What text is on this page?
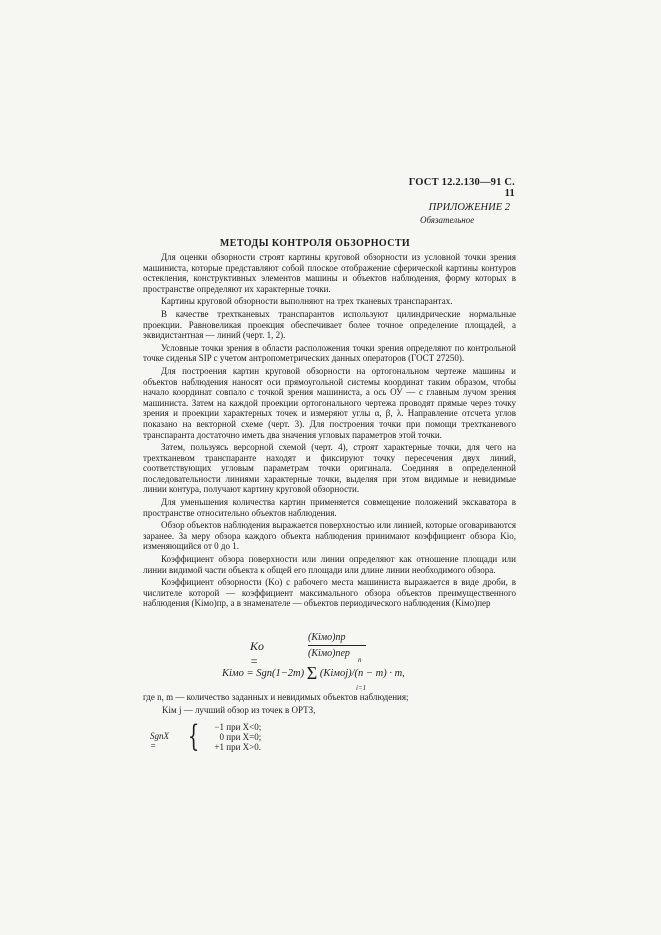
ГОСТ 12.2.130—91 С. 11
ПРИЛОЖЕНИЕ 2
Обязательное
МЕТОДЫ КОНТРОЛЯ ОБЗОРНОСТИ

Для оценки обзорности строят картины круговой обзорности из условной точки зрения машиниста, которые представляют собой плоское отображение сферической картины контуров остекления, конструктивных элементов машины и объектов наблюдения, форму которых в пространстве определяют их характерные точки.

Картины круговой обзорности выполняют на трех тканевых транспарантах.

В качестве трехтканевых транспарантов используют цилиндрические нормальные проекции. Равновеликая проекция обеспечивает более точное определение площадей, а эквидистантная — линий (черт. 1, 2).

Условные точки зрения в области расположения точки зрения определяют по контрольной точке сиденья SIP с учетом антропометрических данных операторов (ГОСТ 27250).

Для построения картин круговой обзорности на ортогональном чертеже машины и объектов наблюдения наносят оси прямоугольной системы координат таким образом, чтобы начало координат совпало с точкой зрения машиниста, а ось ОУ — с главным лучом зрения машиниста. Затем на каждой проекции ортогонального чертежа проводят прямые через точку зрения и проекции характерных точек и измеряют углы α, β, λ. Направление отсчета углов показано на векторной схеме (черт. 3). Для построения точки при помощи трехтканевого транспаранта достаточно иметь два значения угловых параметров этой точки.

Затем, пользуясь версорной схемой (черт. 4), строят характерные точки, для чего на трехтканевом транспаранте находят и фиксируют точку пересечения двух линий, соответствующих угловым параметрам точки оригинала. Соединяя в определенной последовательности линиями характерные точки, выделяя при этом видимые и невидимые линии контура, получают картину круговой обзорности.

Для уменьшения количества картин применяется совмещение положений экскаватора в пространстве относительно объектов наблюдения.

Обзор объектов наблюдения выражается поверхностью или линией, которые оговариваются заранее. За меру обзора каждого объекта наблюдения принимают коэффициент обзора Kio, изменяющийся от 0 до 1.

Коэффициент обзора поверхности или линии определяют как отношение площади или линии видимой части объекта к общей его площади или длине линии необходимого обзора.

Коэффициент обзорности (Ko) с рабочего места машиниста выражается в виде дроби, в числителе которой — коэффициент максимального обзора объектов преимущественного наблюдения (Kiмо)пр, а в знаменателе — объектов периодического наблюдения (Kiмо)пер

Kо =
(Kiмо)пр
(Kiмо)пер
Kiмо = Sgn(1−2m) Σ
n
i=1
(Kiмоj)/(n − m) · m,
где n, m — количество заданных и невидимых объектов наблюдения;
Kiм j — лучший обзор из точек в ОРТЗ,
SgnX =	{	−1 при X<0;
0 при X=0;
+1 при X>0.
